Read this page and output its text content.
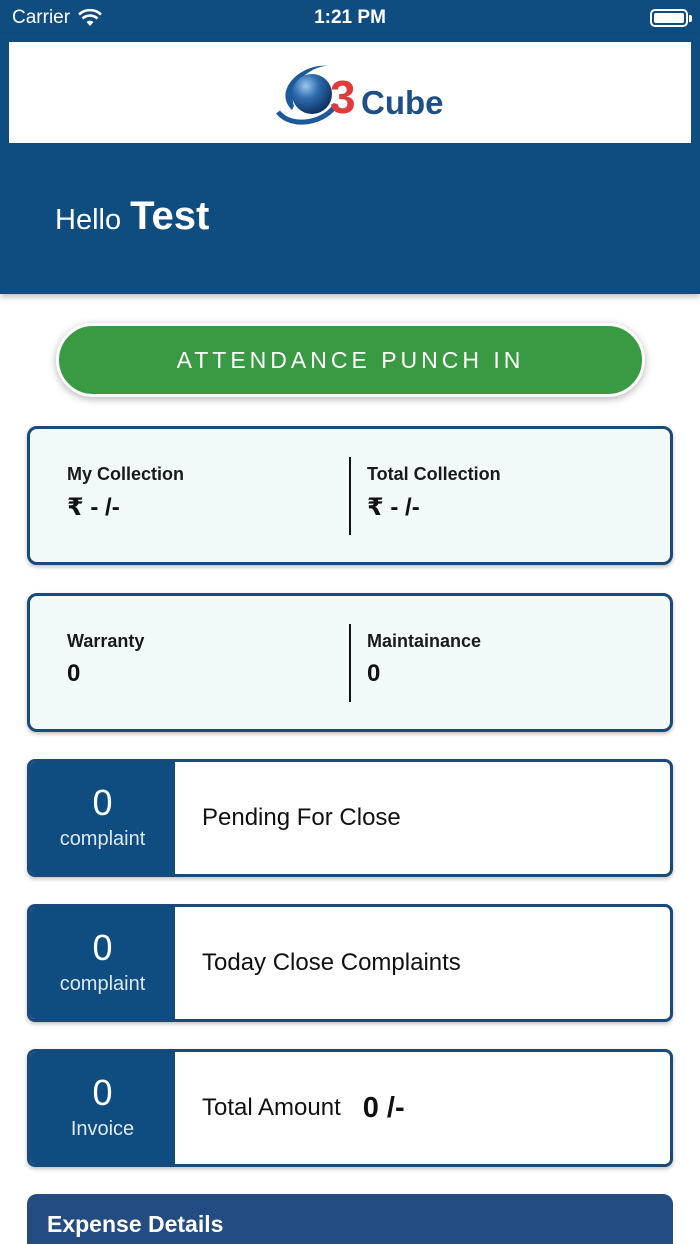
Carrier	1:21 PM
3 Cube
Hello Test
ATTENDANCE PUNCH IN
My Collection
₹ - /-
Total Collection
₹ - /-
Warranty
0
Maintainance
0
0
complaint
Pending For Close
0
complaint
Today Close Complaints
0
Invoice
Total Amount 0 /-
Expense Details
